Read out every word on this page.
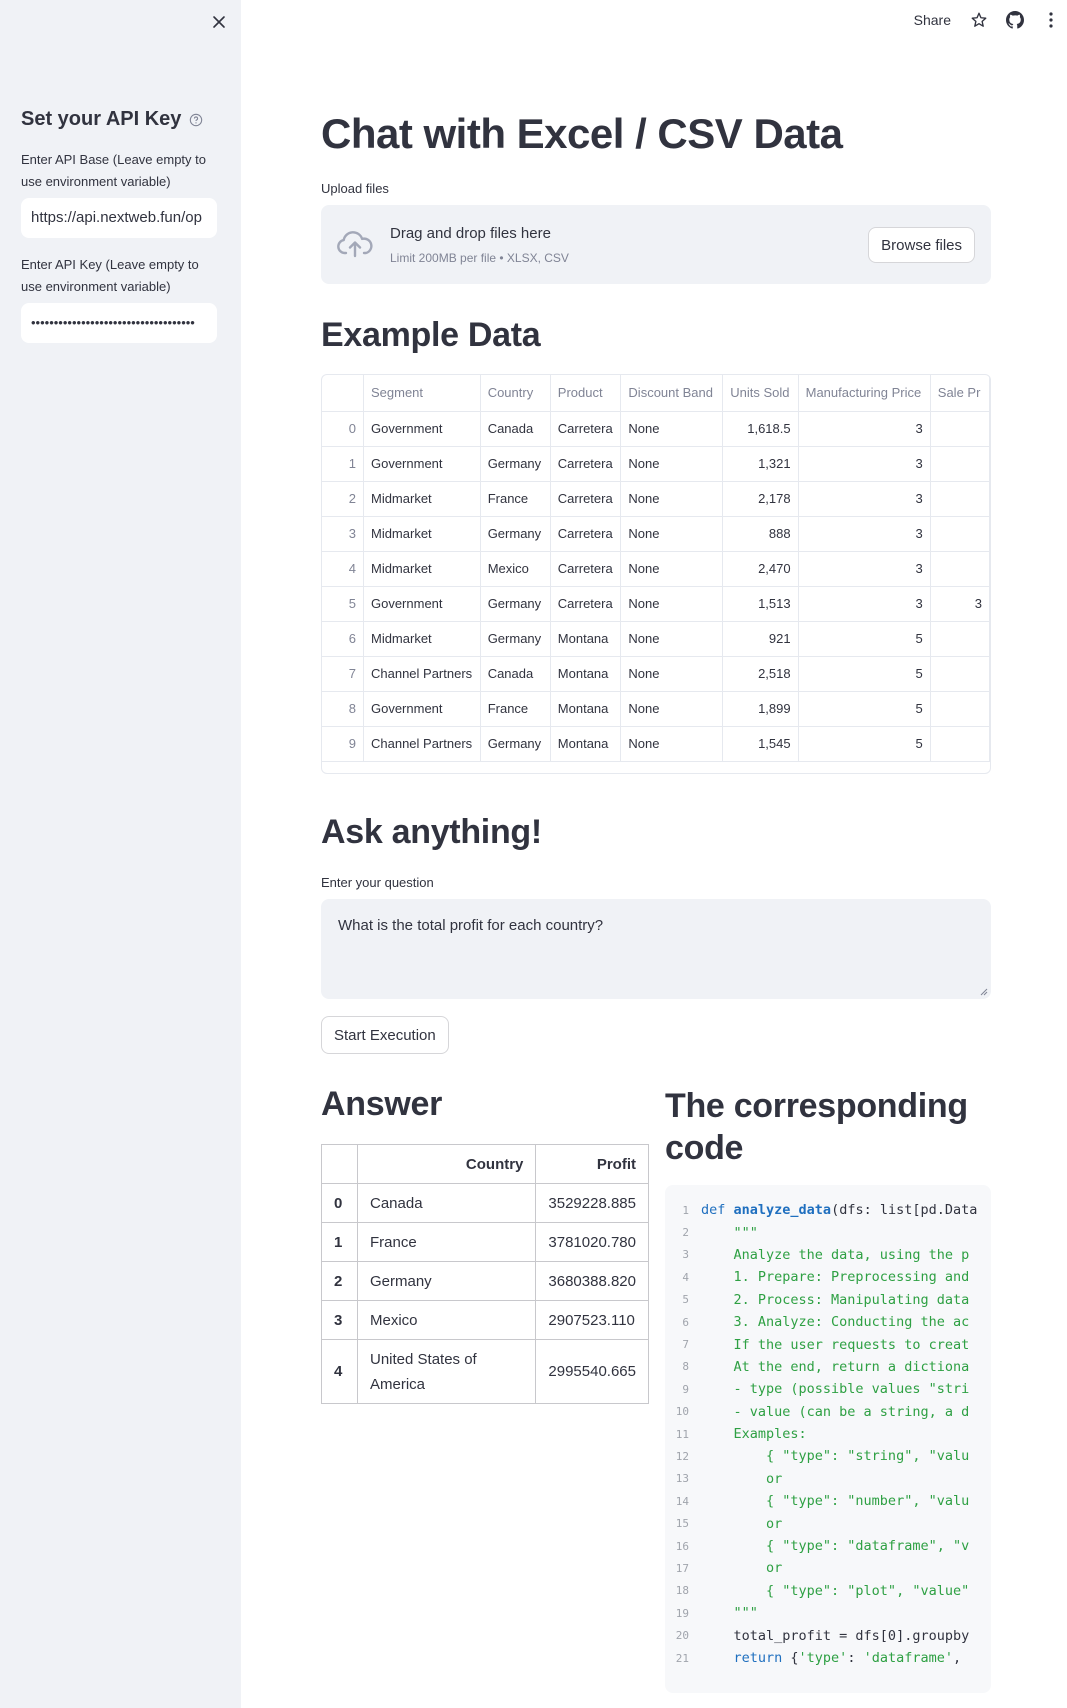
Set your API Key
Enter API Base (Leave empty to use environment variable)
https://api.nextweb.fun/op
Enter API Key (Leave empty to use environment variable)
••••••••••••••••••••••••••••••••••••
Share
Chat with Excel / CSV Data
Upload files
Drag and drop files here
Limit 200MB per file • XLSX, CSV
Browse files
Example Data
	Segment	Country	Product	Discount Band	Units Sold	Manufacturing Price	Sale Pr
0	Government	Canada	Carretera	None	1,618.5	3	
1	Government	Germany	Carretera	None	1,321	3	
2	Midmarket	France	Carretera	None	2,178	3	
3	Midmarket	Germany	Carretera	None	888	3	
4	Midmarket	Mexico	Carretera	None	2,470	3	
5	Government	Germany	Carretera	None	1,513	3	3
6	Midmarket	Germany	Montana	None	921	5	
7	Channel Partners	Canada	Montana	None	2,518	5	
8	Government	France	Montana	None	1,899	5	
9	Channel Partners	Germany	Montana	None	1,545	5	
Ask anything!
Enter your question
What is the total profit for each country?
Start Execution
Answer
	Country	Profit
0	Canada	3529228.885
1	France	3781020.780
2	Germany	3680388.820
3	Mexico	2907523.110
4	United States of America	2995540.665
The corresponding code
1 def analyze_data (dfs: list[pd.Data
2 """
3 Analyze the data, using the p
4 1. Prepare: Preprocessing and
5 2. Process: Manipulating data
6 3. Analyze: Conducting the ac
7 If the user requests to creat
8 At the end, return a dictiona
9 - type (possible values "stri
10 - value (can be a string, a d
11 Examples:
12 { "type": "string", "valu
13 or
14 { "type": "number", "valu
15 or
16 { "type": "dataframe", "v
17 or
18 { "type": "plot", "value"
19 """
20 total_profit = dfs[0].groupby
21 return { 'type' : 'dataframe' ,
